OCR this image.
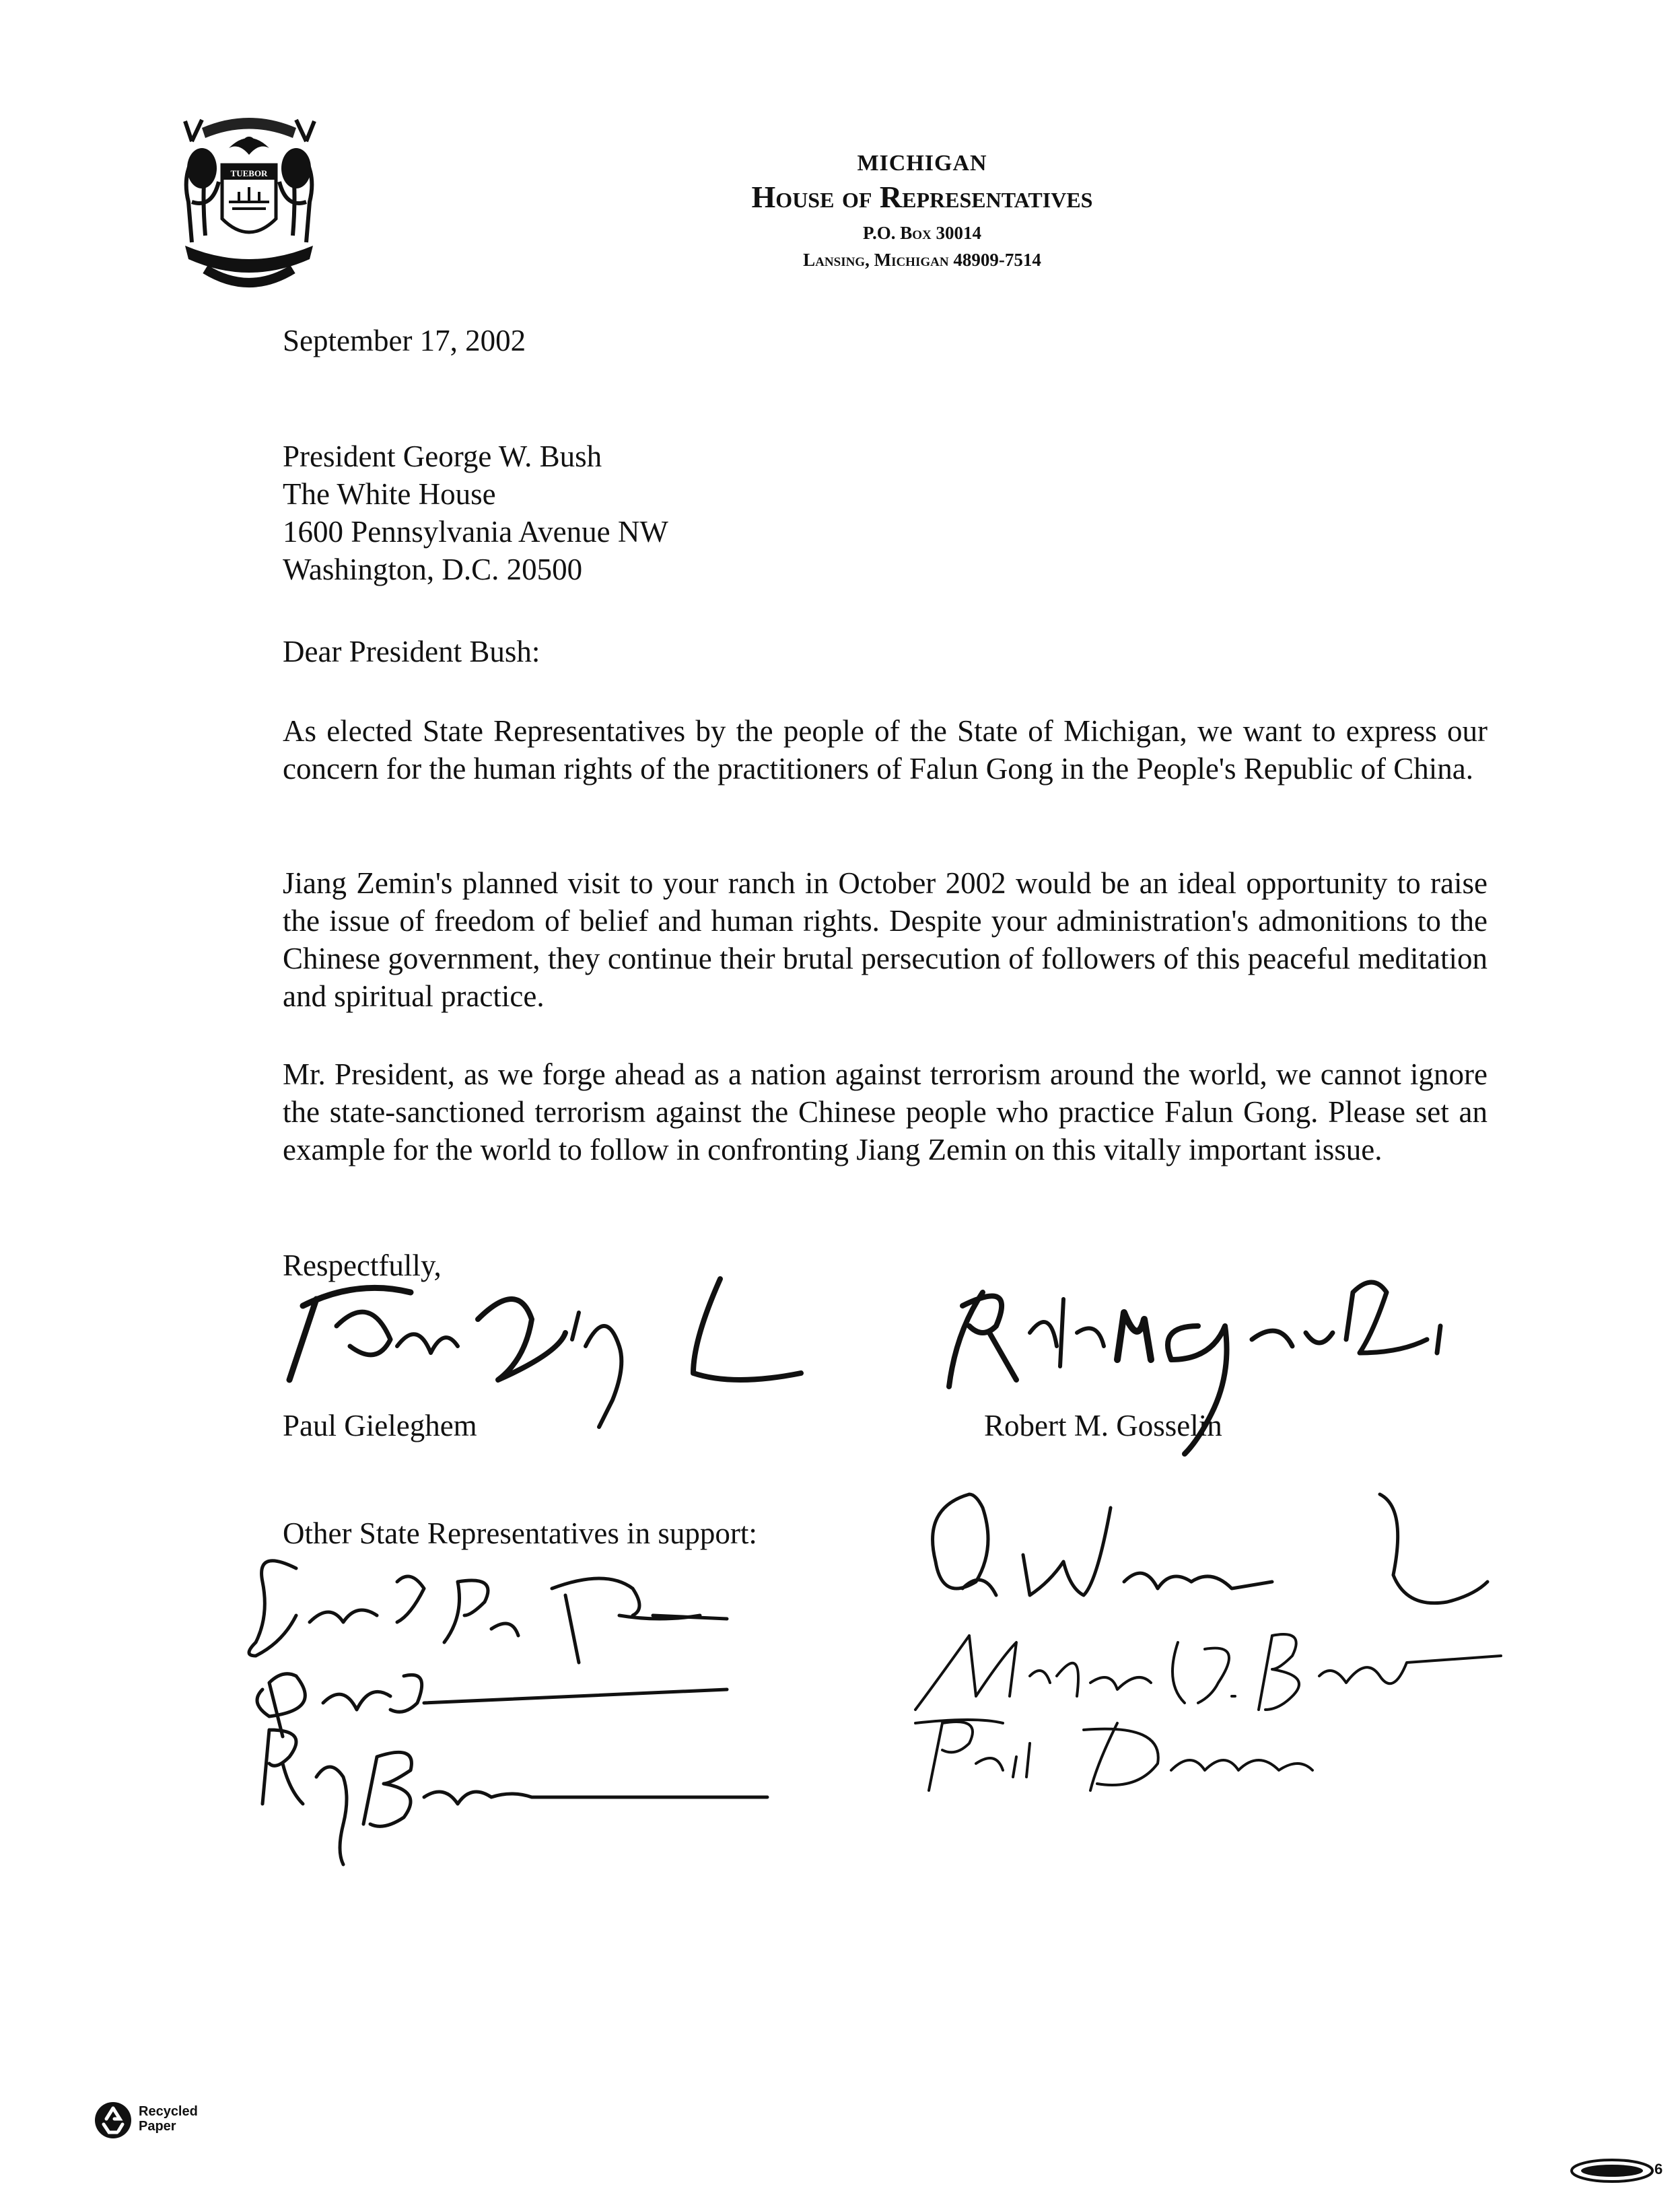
TUEBOR	MICHIGAN
House of Representatives
P.O. Box 30014
Lansing, Michigan 48909-7514
September 17, 2002
President George W. Bush
The White House
1600 Pennsylvania Avenue NW
Washington, D.C. 20500
Dear President Bush:
As elected State Representatives by the people of the State of Michigan, we want to express our concern for the human rights of the practitioners of Falun Gong in the People's Republic of China.
Jiang Zemin's planned visit to your ranch in October 2002 would be an ideal opportunity to raise the issue of freedom of belief and human rights. Despite your administration's admonitions to the Chinese government, they continue their brutal persecution of followers of this peaceful meditation and spiritual practice.
Mr. President, as we forge ahead as a nation against terrorism around the world, we cannot ignore the state-sanctioned terrorism against the Chinese people who practice Falun Gong. Please set an example for the world to follow in confronting Jiang Zemin on this vitally important issue.
Respectfully,
Paul Gieleghem	Robert M. Gosselin
Other State Representatives in support:
Recycled
Paper
6
